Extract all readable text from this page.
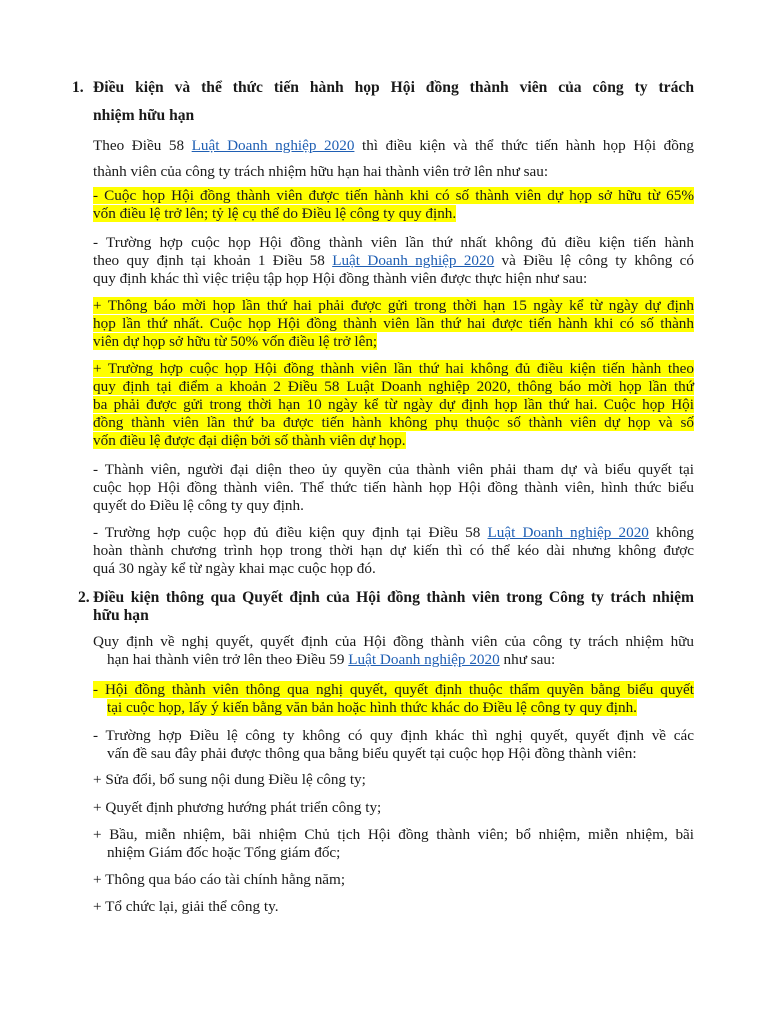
1. Điều kiện và thể thức tiến hành họp Hội đồng thành viên của công ty trách
nhiệm hữu hạn
Theo Điều 58 Luật Doanh nghiệp 2020 thì điều kiện và thể thức tiến hành họp Hội đồng
thành viên của công ty trách nhiệm hữu hạn hai thành viên trở lên như sau:
- Cuộc họp Hội đồng thành viên được tiến hành khi có số thành viên dự họp sở hữu từ 65%
vốn điều lệ trở lên; tỷ lệ cụ thể do Điều lệ công ty quy định.
- Trường hợp cuộc họp Hội đồng thành viên lần thứ nhất không đủ điều kiện tiến hành
theo quy định tại khoản 1 Điều 58 Luật Doanh nghiệp 2020 và Điều lệ công ty không có
quy định khác thì việc triệu tập họp Hội đồng thành viên được thực hiện như sau:
+ Thông báo mời họp lần thứ hai phải được gửi trong thời hạn 15 ngày kể từ ngày dự định
họp lần thứ nhất. Cuộc họp Hội đồng thành viên lần thứ hai được tiến hành khi có số thành
viên dự họp sở hữu từ 50% vốn điều lệ trở lên;
+ Trường hợp cuộc họp Hội đồng thành viên lần thứ hai không đủ điều kiện tiến hành theo
quy định tại điểm a khoản 2 Điều 58 Luật Doanh nghiệp 2020, thông báo mời họp lần thứ
ba phải được gửi trong thời hạn 10 ngày kể từ ngày dự định họp lần thứ hai. Cuộc họp Hội
đồng thành viên lần thứ ba được tiến hành không phụ thuộc số thành viên dự họp và số
vốn điều lệ được đại diện bởi số thành viên dự họp.
- Thành viên, người đại diện theo ủy quyền của thành viên phải tham dự và biểu quyết tại
cuộc họp Hội đồng thành viên. Thể thức tiến hành họp Hội đồng thành viên, hình thức biểu
quyết do Điều lệ công ty quy định.
- Trường hợp cuộc họp đủ điều kiện quy định tại Điều 58 Luật Doanh nghiệp 2020 không
hoàn thành chương trình họp trong thời hạn dự kiến thì có thể kéo dài nhưng không được
quá 30 ngày kể từ ngày khai mạc cuộc họp đó.
2. Điều kiện thông qua Quyết định của Hội đồng thành viên trong Công ty trách nhiệm
hữu hạn
Quy định về nghị quyết, quyết định của Hội đồng thành viên của công ty trách nhiệm hữu
hạn hai thành viên trở lên theo Điều 59 Luật Doanh nghiệp 2020 như sau:
- Hội đồng thành viên thông qua nghị quyết, quyết định thuộc thẩm quyền bằng biểu quyết
tại cuộc họp, lấy ý kiến bằng văn bản hoặc hình thức khác do Điều lệ công ty quy định.
- Trường hợp Điều lệ công ty không có quy định khác thì nghị quyết, quyết định về các
vấn đề sau đây phải được thông qua bằng biểu quyết tại cuộc họp Hội đồng thành viên:
+ Sửa đổi, bổ sung nội dung Điều lệ công ty;
+ Quyết định phương hướng phát triển công ty;
+ Bầu, miễn nhiệm, bãi nhiệm Chủ tịch Hội đồng thành viên; bổ nhiệm, miễn nhiệm, bãi
nhiệm Giám đốc hoặc Tổng giám đốc;
+ Thông qua báo cáo tài chính hằng năm;
+ Tổ chức lại, giải thể công ty.
